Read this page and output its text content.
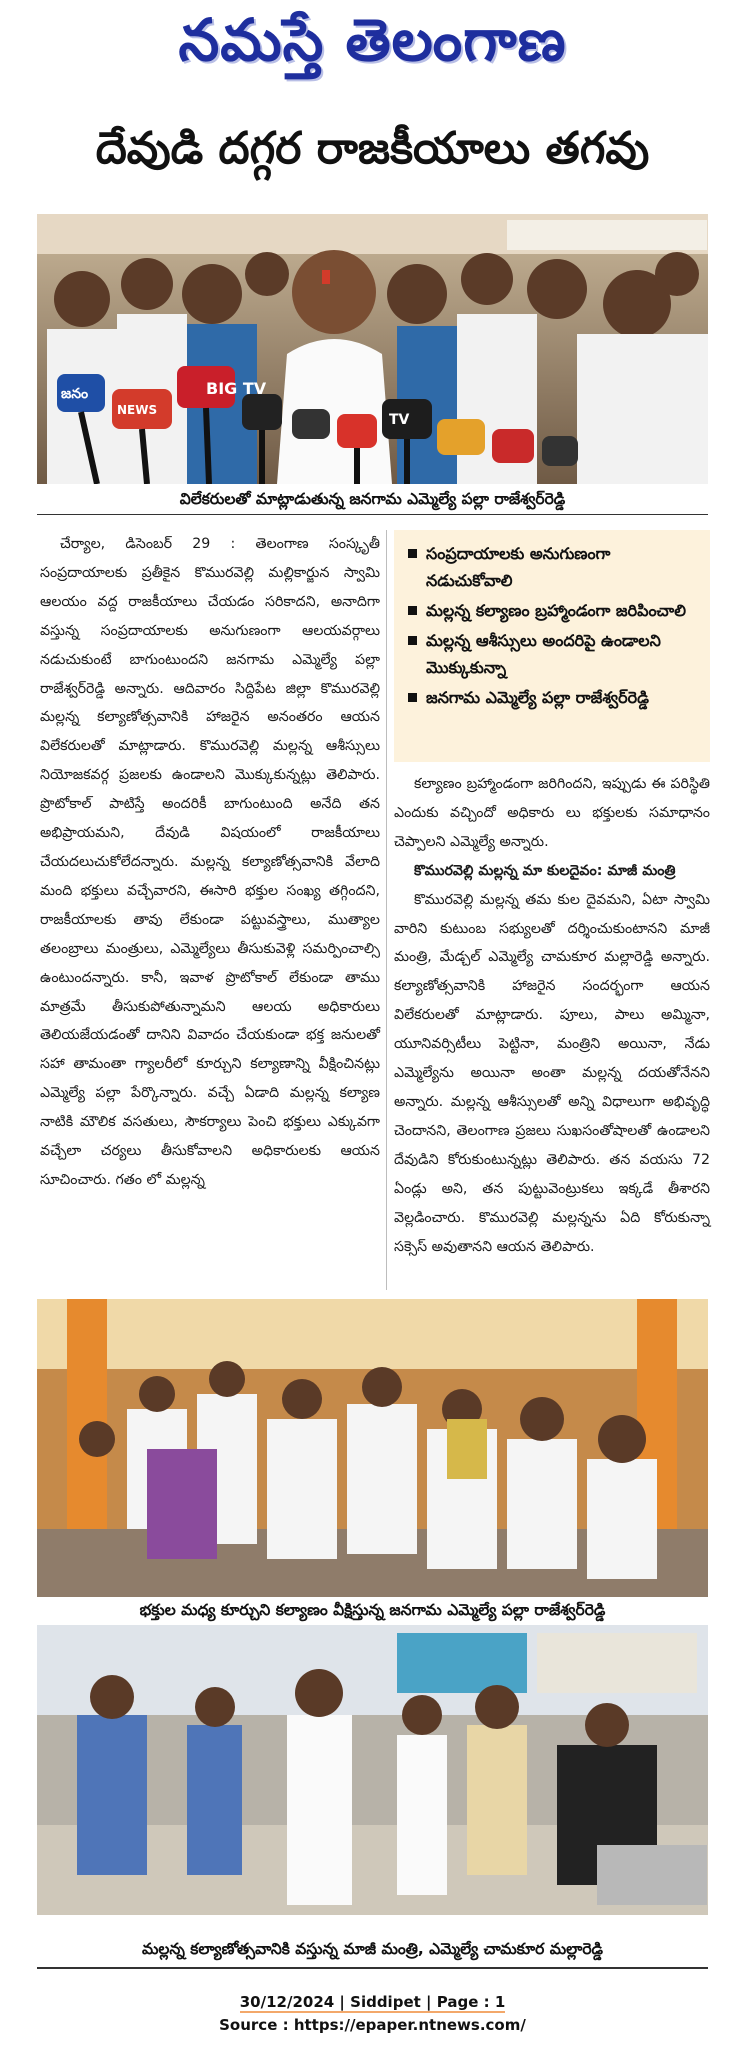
నమస్తే తెలంగాణ
దేవుడి దగ్గర రాజకీయాలు తగవు
BIG TV
NEWS
జనం
TV
విలేకరులతో మాట్లాడుతున్న జనగామ ఎమ్మెల్యే పల్లా రాజేశ్వర్‌రెడ్డి

చేర్యాల, డిసెంబర్ 29 : తెలంగాణ సంస్కృతీ సంప్రదాయాలకు ప్రతీకైన కొమురవెల్లి మల్లికార్జున స్వామి ఆలయం వద్ద రాజకీయాలు చేయడం సరికాదని, అనాదిగా వస్తున్న సంప్రదాయాలకు అనుగుణంగా ఆలయవర్గాలు నడుచుకుంటే బాగుంటుందని జనగామ ఎమ్మెల్యే పల్లా రాజేశ్వర్‌రెడ్డి అన్నారు. ఆదివారం సిద్దిపేట జిల్లా కొమురవెల్లి మల్లన్న కల్యాణోత్సవానికి హాజరైన అనంతరం ఆయన విలేకరులతో మాట్లాడారు. కొమురవెల్లి మల్లన్న ఆశీస్సులు నియోజకవర్గ ప్రజలకు ఉండాలని మొక్కుకున్నట్లు తెలిపారు. ప్రొటోకాల్ పాటిస్తే అందరికీ బాగుంటుంది అనేది తన అభిప్రాయమని, దేవుడి విషయంలో రాజకీయాలు చేయదలుచుకోలేదన్నారు. మల్లన్న కల్యాణోత్సవానికి వేలాది మంది భక్తులు వచ్చేవారని, ఈసారి భక్తుల సంఖ్య తగ్గిందని, రాజకీయాలకు తావు లేకుండా పట్టువస్త్రాలు, ముత్యాల తలంబ్రాలు మంత్రులు, ఎమ్మెల్యేలు తీసుకువెళ్లి సమర్పించాల్సి ఉంటుందన్నారు. కానీ, ఇవాళ ప్రొటోకాల్ లేకుండా తాము మాత్రమే తీసుకుపోతున్నామని ఆలయ అధికారులు తెలియజేయడంతో దానిని వివాదం చేయకుండా భక్త జనులతో సహా తామంతా గ్యాలరీలో కూర్చుని కల్యాణాన్ని వీక్షించినట్లు ఎమ్మెల్యే పల్లా పేర్కొన్నారు. వచ్చే ఏడాది మల్లన్న కల్యాణ నాటికి మౌలిక వసతులు, సౌకర్యాలు పెంచి భక్తులు ఎక్కువగా వచ్చేలా చర్యలు తీసుకోవాలని అధికారులకు ఆయన సూచించారు. గతం లో మల్లన్న

సంప్రదాయాలకు అనుగుణంగా నడుచుకోవాలి
మల్లన్న కల్యాణం బ్రహ్మాండంగా జరిపించాలి
మల్లన్న ఆశీస్సులు అందరిపై ఉండాలని మొక్కుకున్నా
జనగామ ఎమ్మెల్యే పల్లా రాజేశ్వర్‌రెడ్డి

కల్యాణం బ్రహ్మాండంగా జరిగిందని, ఇప్పుడు ఈ పరిస్థితి ఎందుకు వచ్చిందో అధికారు లు భక్తులకు సమాధానం చెప్పాలని ఎమ్మెల్యే అన్నారు.

కొమురవెల్లి మల్లన్న మా కులదైవం: మాజీ మంత్రి

కొమురవెల్లి మల్లన్న తమ కుల దైవమని, ఏటా స్వామి వారిని కుటుంబ సభ్యులతో దర్శించుకుంటానని మాజీ మంత్రి, మేడ్చల్ ఎమ్మెల్యే చామకూర మల్లారెడ్డి అన్నారు. కల్యాణోత్సవానికి హాజరైన సందర్భంగా ఆయన విలేకరులతో మాట్లాడారు. పూలు, పాలు అమ్మినా, యూనివర్సిటీలు పెట్టినా, మంత్రిని అయినా, నేడు ఎమ్మెల్యేను అయినా అంతా మల్లన్న దయతోనేనని అన్నారు. మల్లన్న ఆశీస్సులతో అన్ని విధాలుగా అభివృద్ధి చెందానని, తెలంగాణ ప్రజలు సుఖసంతోషాలతో ఉండాలని దేవుడిని కోరుకుంటున్నట్లు తెలిపారు. తన వయసు 72 ఏండ్లు అని, తన పుట్టువెంట్రుకలు ఇక్కడే తీశారని వెల్లడించారు. కొమురవెల్లి మల్లన్నను ఏది కోరుకున్నా సక్సెస్ అవుతానని ఆయన తెలిపారు.

భక్తుల మధ్య కూర్చుని కల్యాణం వీక్షిస్తున్న జనగామ ఎమ్మెల్యే పల్లా రాజేశ్వర్‌రెడ్డి
మల్లన్న కల్యాణోత్సవానికి వస్తున్న మాజీ మంత్రి, ఎమ్మెల్యే చామకూర మల్లారెడ్డి
30/12/2024 | Siddipet | Page : 1
Source : https://epaper.ntnews.com/
